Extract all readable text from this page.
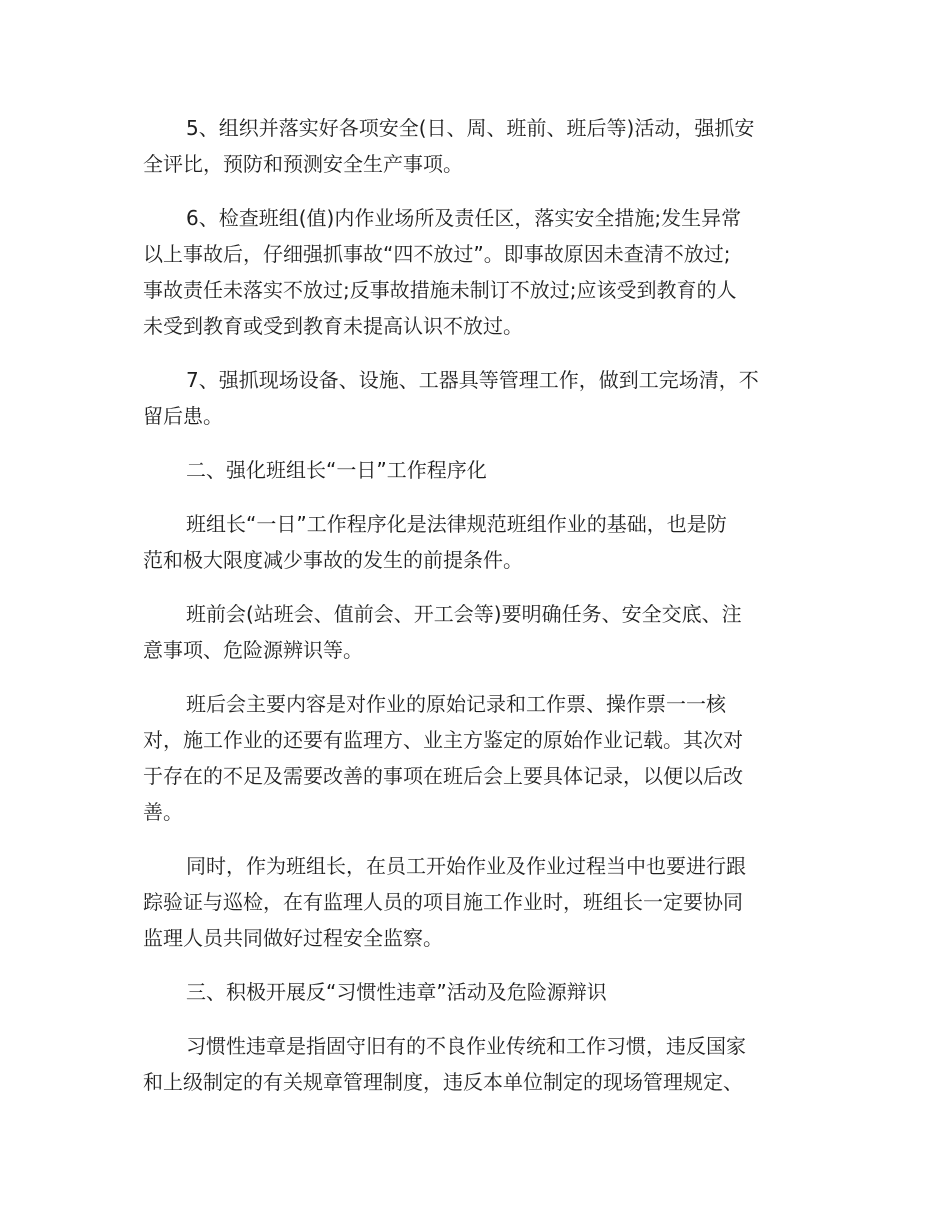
5、组织并落实好各项安全(日、周、班前、班后等)活动，强抓安
全评比，预防和预测安全生产事项。
6、检查班组(值)内作业场所及责任区，落实安全措施;发生异常
以上事故后，仔细强抓事故“四不放过”。即事故原因未查清不放过;
事故责任未落实不放过;反事故措施未制订不放过;应该受到教育的人
未受到教育或受到教育未提高认识不放过。
7、强抓现场设备、设施、工器具等管理工作，做到工完场清，不
留后患。
二、强化班组长“一日”工作程序化
班组长“一日”工作程序化是法律规范班组作业的基础，也是防
范和极大限度减少事故的发生的前提条件。
班前会(站班会、值前会、开工会等)要明确任务、安全交底、注
意事项、危险源辨识等。
班后会主要内容是对作业的原始记录和工作票、操作票一一核
对，施工作业的还要有监理方、业主方鉴定的原始作业记载。其次对
于存在的不足及需要改善的事项在班后会上要具体记录，以便以后改
善。
同时，作为班组长，在员工开始作业及作业过程当中也要进行跟
踪验证与巡检，在有监理人员的项目施工作业时，班组长一定要协同
监理人员共同做好过程安全监察。
三、积极开展反“习惯性违章”活动及危险源辩识
习惯性违章是指固守旧有的不良作业传统和工作习惯，违反国家
和上级制定的有关规章管理制度，违反本单位制定的现场管理规定、
